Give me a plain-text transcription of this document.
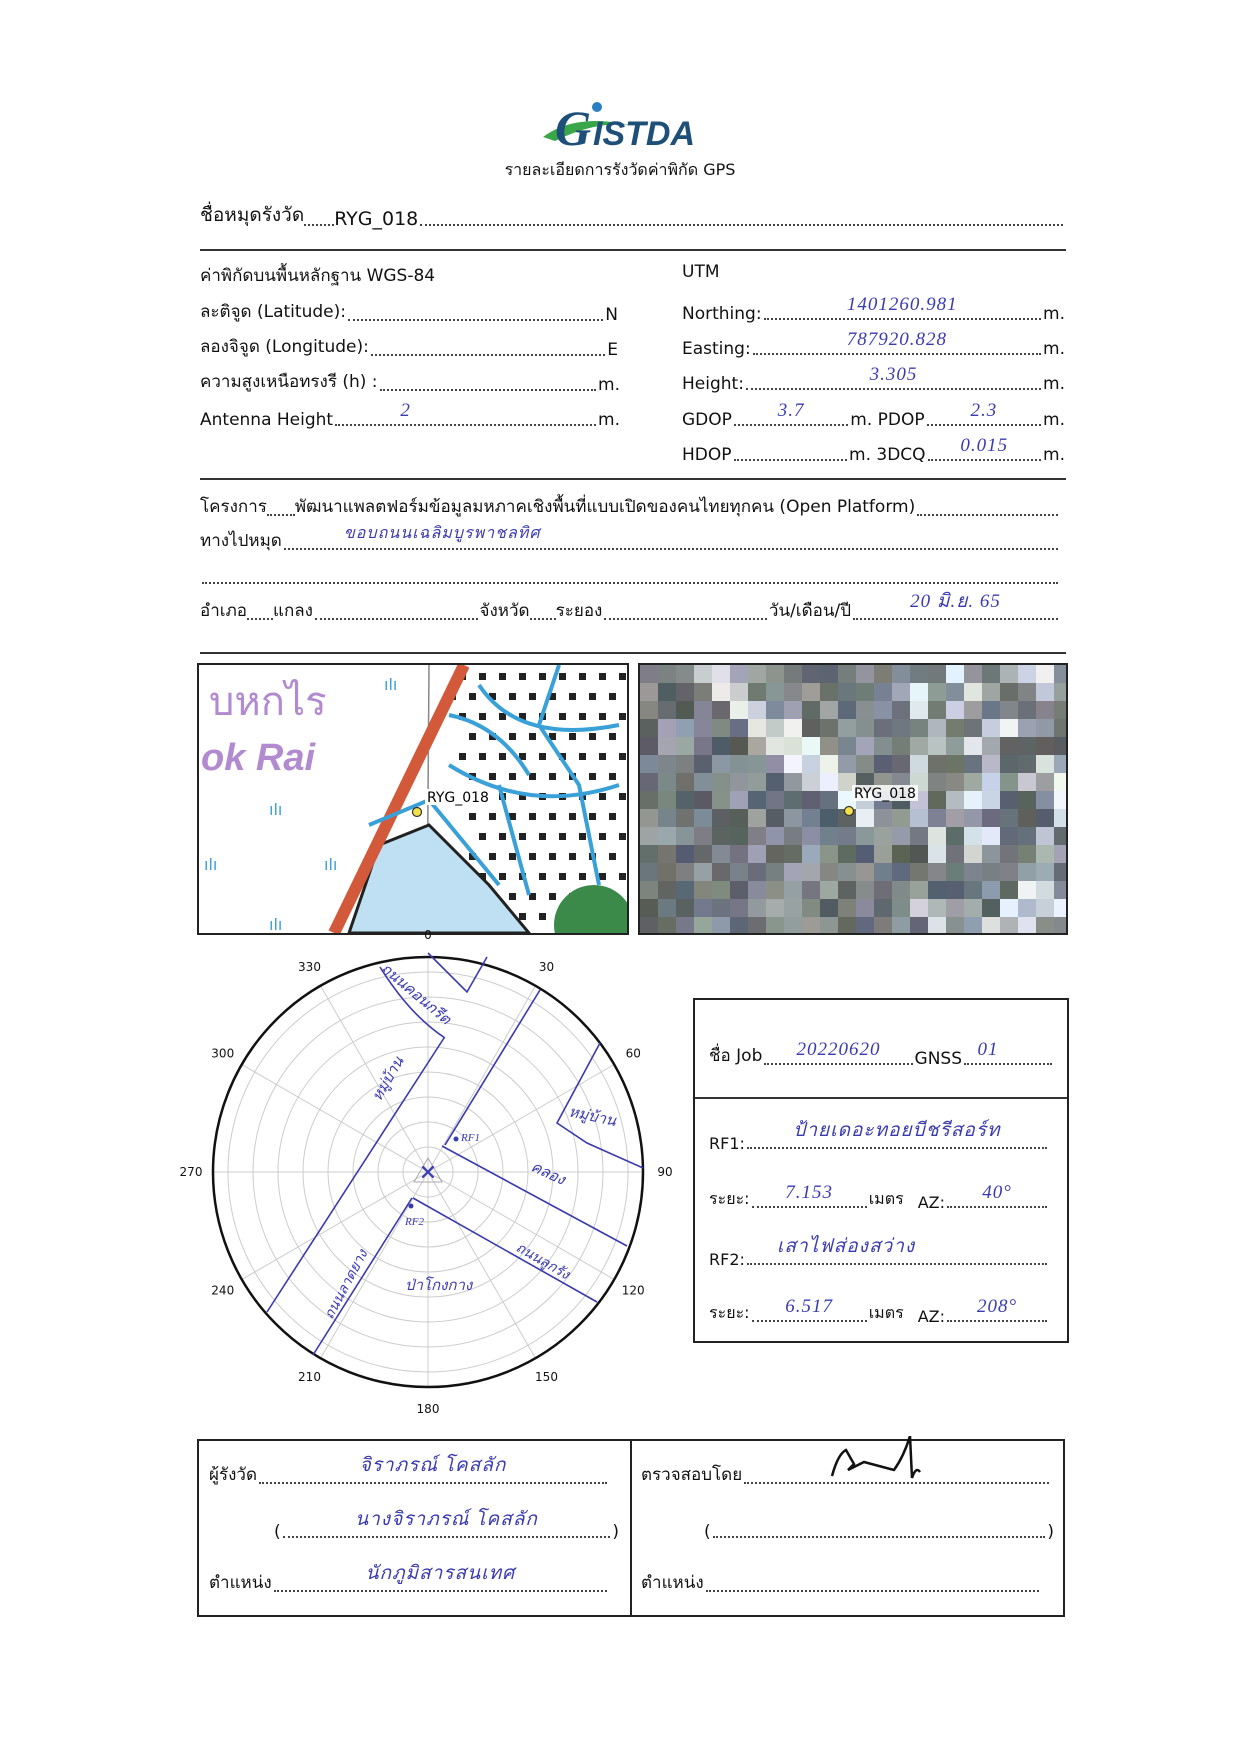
G ISTDA
รายละเอียดการรังวัดค่าพิกัด GPS
ชื่อหมุดรังวัด RYG_018
ค่าพิกัดบนพื้นหลักฐาน WGS-84
ละติจูด (Latitude):	N
ลองจิจูด (Longitude):	E
ความสูงเหนือทรงรี (h) :	m.
Antenna Height	2	m.
UTM
Northing:	1401260.981	m.
Easting:	787920.828	m.
Height:	3.305	m.
GDOP	3.7	m. PDOP	2.3	m.
HDOP	m. 3DCQ	0.015	m.
โครงการ พัฒนาแพลตฟอร์มข้อมูลมหภาคเชิงพื้นที่แบบเปิดของคนไทยทุกคน (Open Platform)
ทางไปหมุด	ขอบถนนเฉลิมบูรพาชลทิศ
อำเภอ แกลง	จังหวัด ระยอง	วัน/เดือน/ปี	20 มิ.ย. 65
บหกไร
ok Rai
ılı
ılı
ılı	ılı
ılı
RYG_018	RYG_018
0
30
60
90
120
150
180
210
240
270
300
330
✕
RF1
RF2
ถนนคอนกรีต
หมู่บ้าน
หมู่บ้าน
คลอง
ถนนลูกรัง
ถนนลาดยาง ป่าโกงกาง
ชื่อ Job	20220620	GNSS 01
RF1:
ป้ายเดอะทอยบีชรีสอร์ท
ระยะ:	7.153	เมตร AZ:	40°
RF2:
เสาไฟส่องสว่าง
ระยะ:	6.517	เมตร AZ:	208°
ผู้รังวัด	จิราภรณ์ โคสลัก
(
นางจิราภรณ์ โคสลัก
)
ตำแหน่ง	นักภูมิสารสนเทศ
ตรวจสอบโดย
(	)
ตำแหน่ง
